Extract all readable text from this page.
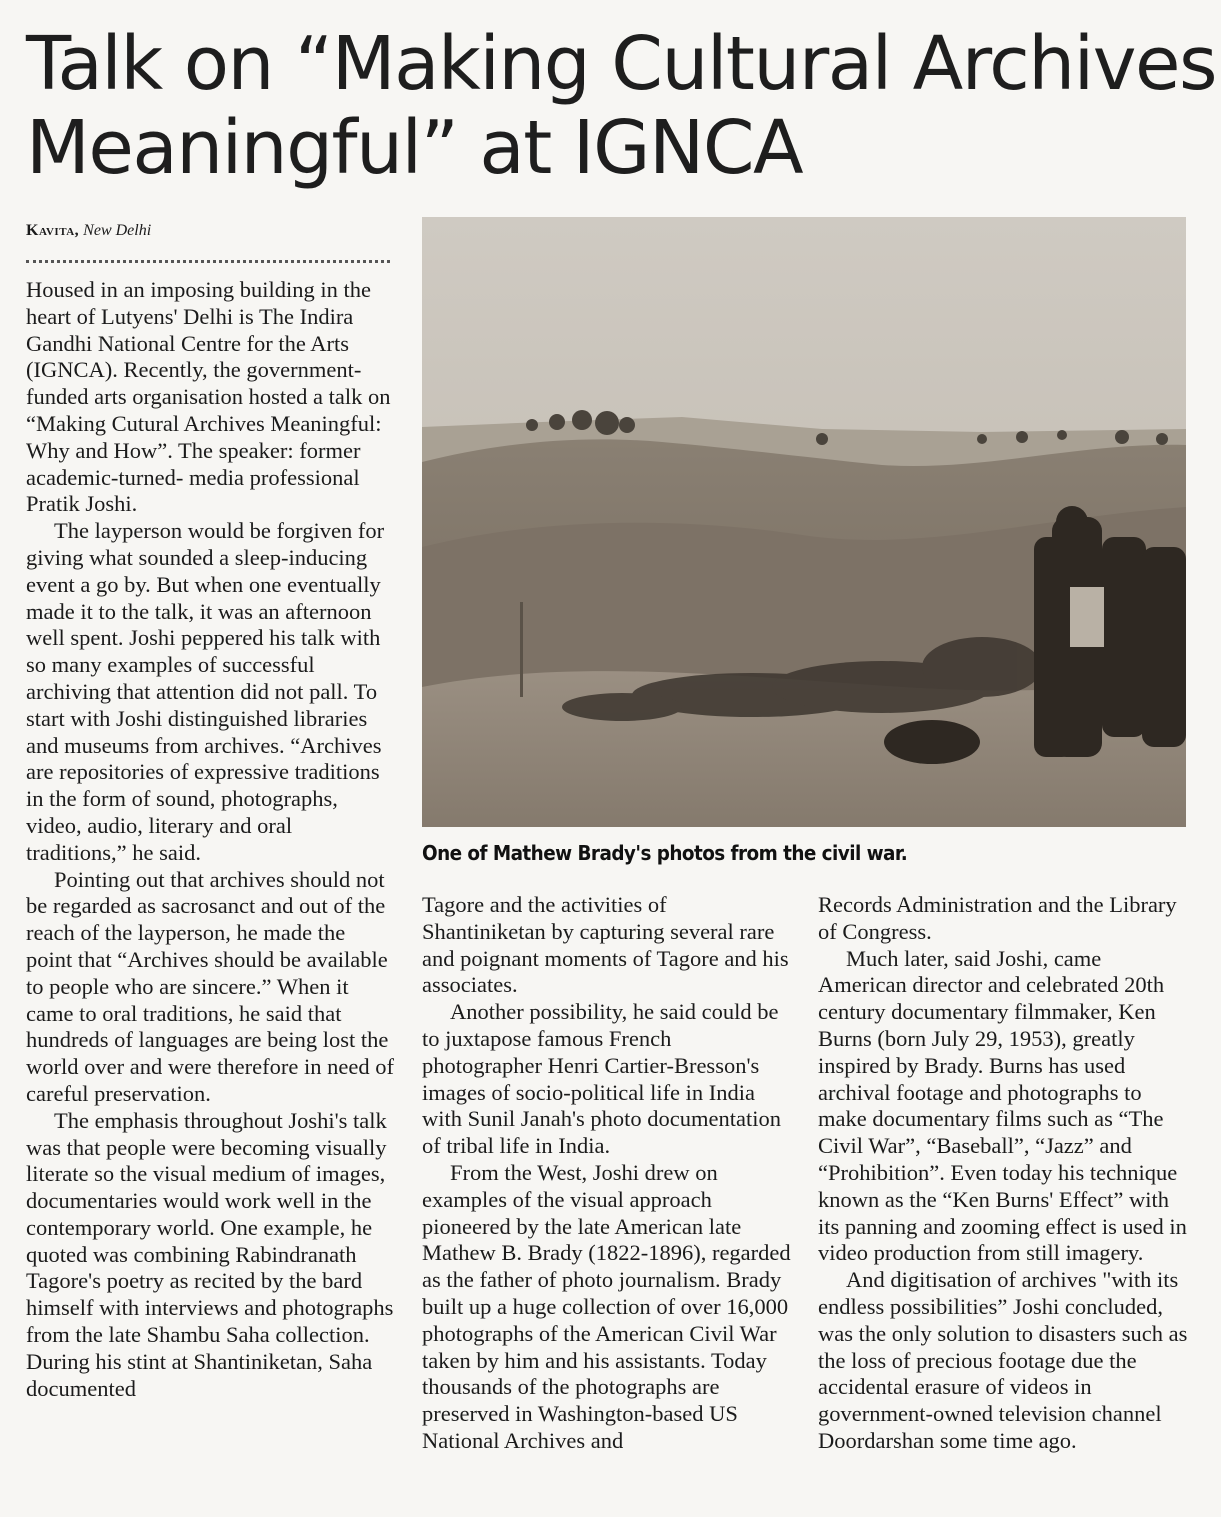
Talk on “Making Cultural Archives
Meaningful” at IGNCA
Kavita, New Delhi

Housed in an imposing building in the heart of Lutyens' Delhi is The Indira Gandhi National Centre for the Arts (IGNCA). Recently, the government-funded arts organisation hosted a talk on “Making Cutural Archives Meaningful: Why and How”. The speaker: former academic-turned- media professional Pratik Joshi.

The layperson would be forgiven for giving what sounded a sleep-inducing event a go by. But when one eventually made it to the talk, it was an afternoon well spent. Joshi peppered his talk with so many examples of successful archiving that attention did not pall. To start with Joshi distinguished libraries and museums from archives. “Archives are repositories of expressive traditions in the form of sound, photographs, video, audio, literary and oral traditions,” he said.

Pointing out that archives should not be regarded as sacrosanct and out of the reach of the layperson, he made the point that “Archives should be available to people who are sincere.” When it came to oral traditions, he said that hundreds of languages are being lost the world over and were therefore in need of careful preservation.

The emphasis throughout Joshi's talk was that people were becoming visually literate so the visual medium of images, documentaries would work well in the contemporary world. One example, he quoted was combining Rabindranath Tagore's poetry as recited by the bard himself with interviews and photographs from the late Shambu Saha collection. During his stint at Shantiniketan, Saha documented

One of Mathew Brady's photos from the civil war.

Tagore and the activities of Shantiniketan by capturing several rare and poignant moments of Tagore and his associates.

Another possibility, he said could be to juxtapose famous French photographer Henri Cartier-Bresson's images of socio-political life in India with Sunil Janah's photo documentation of tribal life in India.

From the West, Joshi drew on examples of the visual approach pioneered by the late American late Mathew B. Brady (1822-1896), regarded as the father of photo journalism. Brady built up a huge collection of over 16,000 photographs of the American Civil War taken by him and his assistants. Today thousands of the photographs are preserved in Washington-based US National Archives and

Records Administration and the Library of Congress.

Much later, said Joshi, came American director and celebrated 20th century documentary filmmaker, Ken Burns (born July 29, 1953), greatly inspired by Brady. Burns has used archival footage and photographs to make documentary films such as “The Civil War”, “Baseball”, “Jazz” and “Prohibition”. Even today his technique known as the “Ken Burns' Effect” with its panning and zooming effect is used in video production from still imagery.

And digitisation of archives "with its endless possibilities” Joshi concluded, was the only solution to disasters such as the loss of precious footage due the accidental erasure of videos in government-owned television channel Doordarshan some time ago.
